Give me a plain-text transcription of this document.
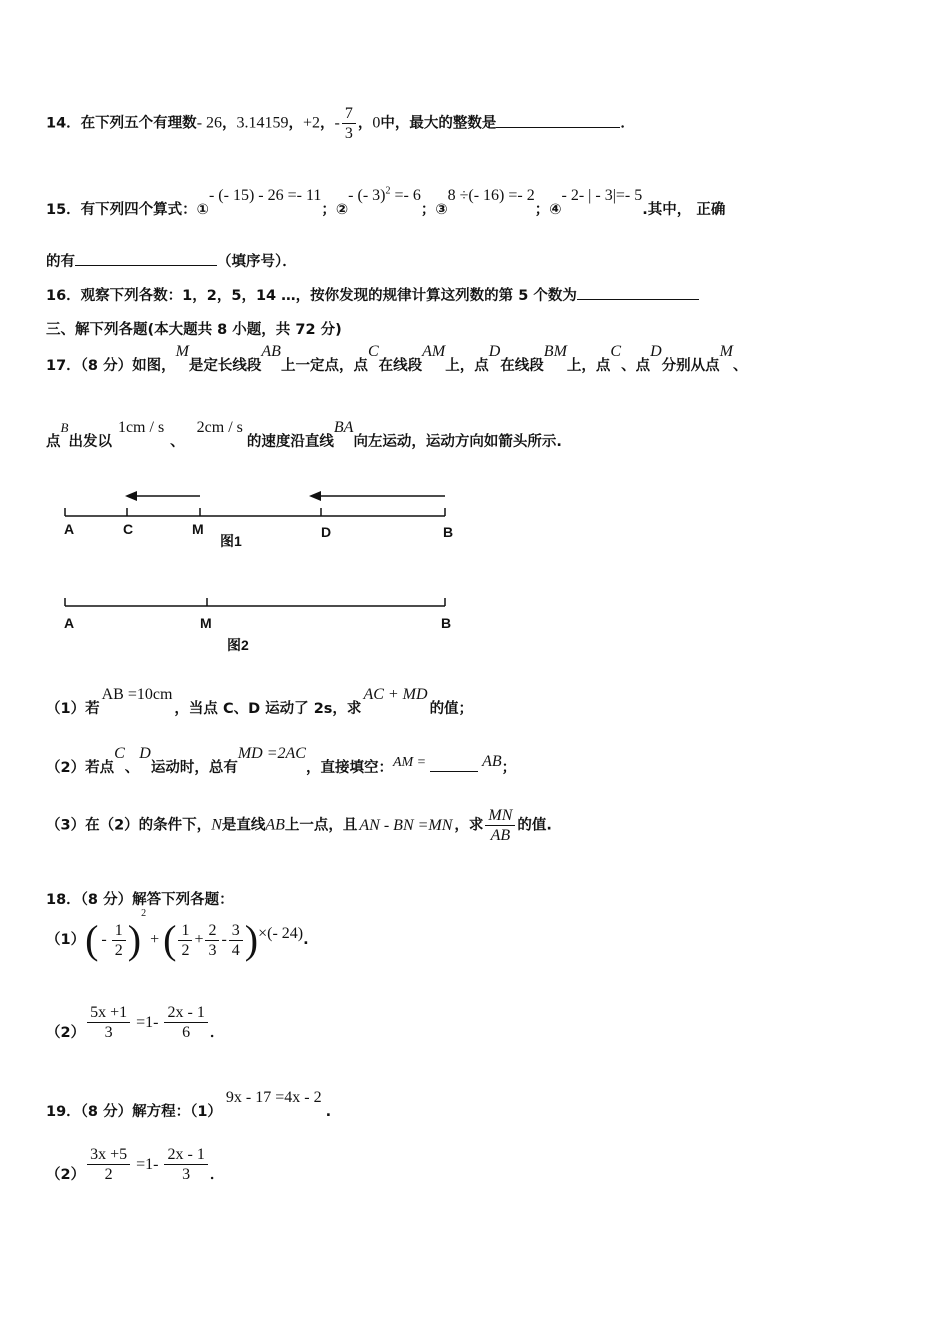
14．在下列五个有理数- 26，3.14159，+2，- $\frac{7}{3}$ ，0中，最大的整数是	．
15．有下列四个算式：①- (- 15) - 26 =- 11；②- (- 3)$^2$ =- 6；③8 ÷(- 16) =- 2；④- 2- | - 3|=- 5.其中， 正确
的有	（填序号）．
16．观察下列各数：1，2，5，14 …，按你发现的规律计算这列数的第 5 个数为
三、解下列各题(本大题共 8 小题，共 72 分)
17．（8 分）如图，M是定长线段AB上一定点，点C在线段AM上，点D在线段BM上，点C、点D分别从点M、
点B出发以1cm / s、2cm / s的速度沿直线BA向左运动，运动方向如箭头所示.
A	C	M	D	B
图1
A	M	B
图2
（1）若AB =10cm，当点 C、D 运动了 2s，求AC + MD的值；
（2）若点C、D运动时，总有MD =2AC，直接填空：AM =	AB；
（3）在（2）的条件下，N是直线AB上一点，且 AN - BN =MN ，求 $\frac{MN}{AB}$ 的值.
18．（8 分）解答下列各题：
$(1)( - \frac{1}{2} )^2+$ ( $\frac{1}{2} + \frac{2}{3} - \frac{3}{4}$ )×(- 24).
$(2) \frac{5x +1}{3} =1- \frac{2x - 1}{6}$ ．
19．（8 分）解方程：（1）9x - 17 =4x - 2.
$(2) \frac{3x +5}{2} =1- \frac{2x - 1}{3}$ ．
